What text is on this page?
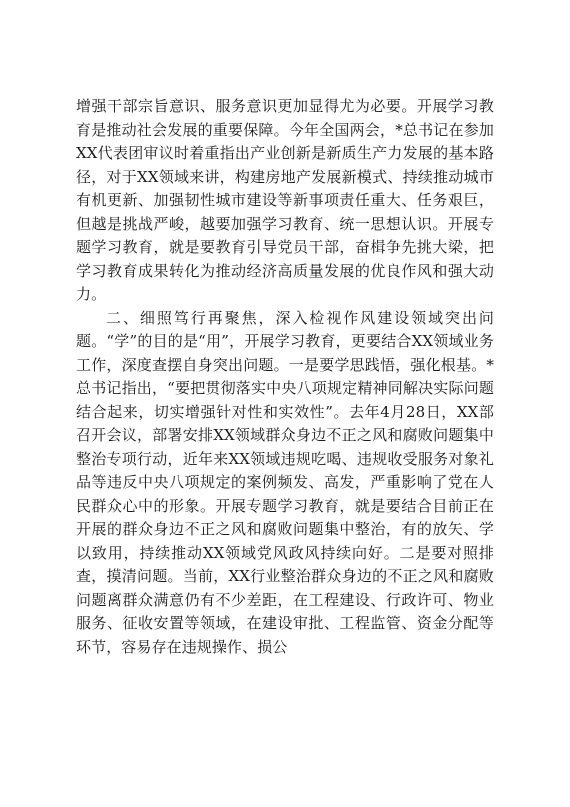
增强干部宗旨意识、服务意识更加显得尤为必要。开展学习教育是推动社会发展的重要保障。今年全国两会，*总书记在参加XX代表团审议时着重指出产业创新是新质生产力发展的基本路径，对于XX领域来讲，构建房地产发展新模式、持续推动城市有机更新、加强韧性城市建设等新事项责任重大、任务艰巨，但越是挑战严峻，越要加强学习教育、统一思想认识。开展专题学习教育，就是要教育引导党员干部，奋楫争先挑大梁，把学习教育成果转化为推动经济高质量发展的优良作风和强大动力。

二、细照笃行再聚焦，深入检视作风建设领域突出问题。“学”的目的是“用”，开展学习教育，更要结合XX领域业务工作，深度查摆自身突出问题。一是要学思践悟，强化根基。*总书记指出，“要把贯彻落实中央八项规定精神同解决实际问题结合起来，切实增强针对性和实效性”。去年4月28日，XX部召开会议，部署安排XX领域群众身边不正之风和腐败问题集中整治专项行动，近年来XX领域违规吃喝、违规收受服务对象礼品等违反中央八项规定的案例频发、高发，严重影响了党在人民群众心中的形象。开展专题学习教育，就是要结合目前正在开展的群众身边不正之风和腐败问题集中整治，有的放矢、学以致用，持续推动XX领域党风政风持续向好。二是要对照排查，摸清问题。当前，XX行业整治群众身边的不正之风和腐败问题离群众满意仍有不少差距，在工程建设、行政许可、物业服务、征收安置等领域，在建设审批、工程监管、资金分配等环节，容易存在违规操作、损公
